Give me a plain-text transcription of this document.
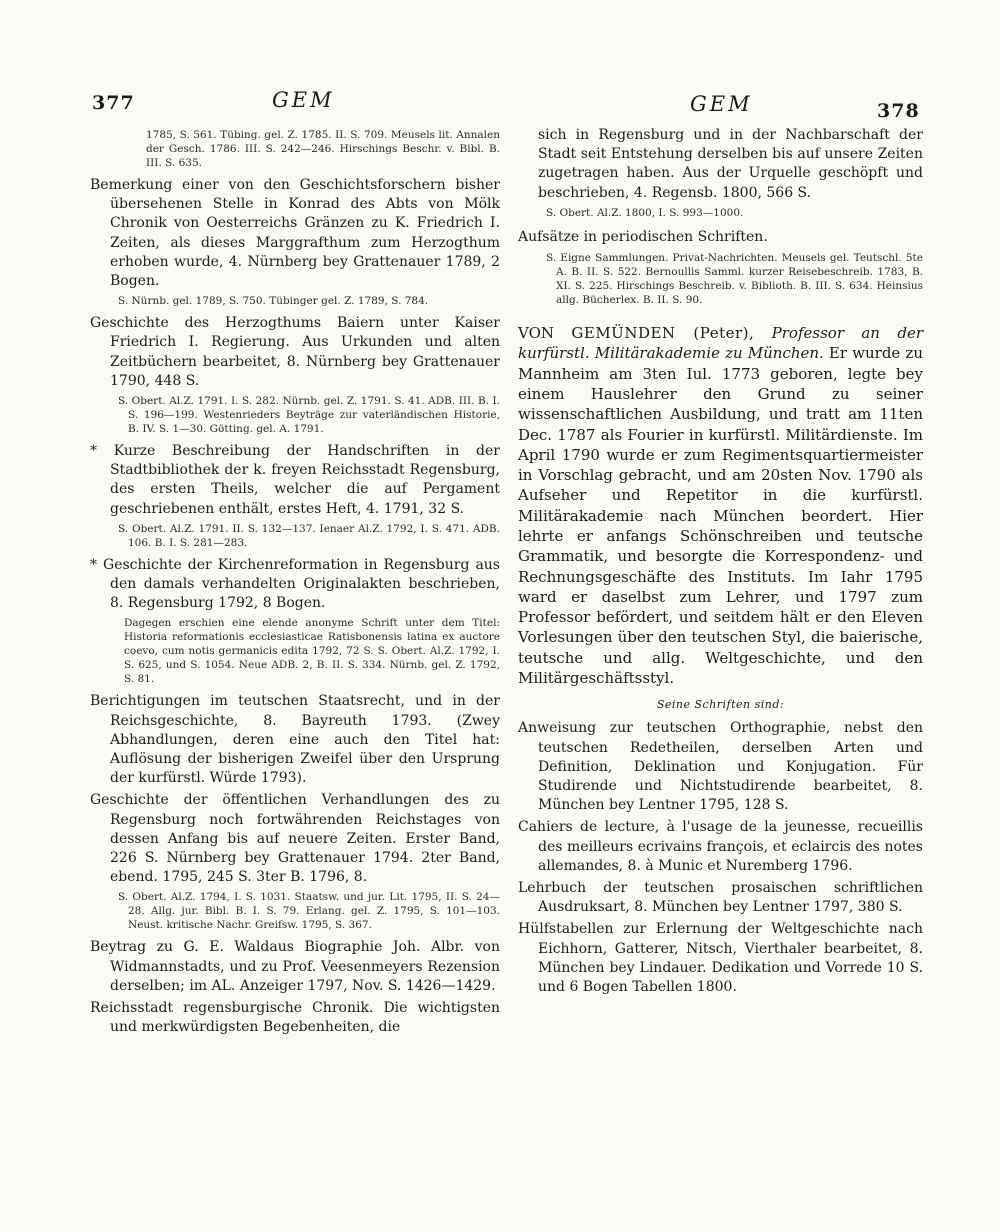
377	GEM	GEM	378
1785, S. 561. Tübing. gel. Z. 1785. II. S. 709. Meusels lit. Annalen der Gesch. 1786. III. S. 242—246. Hirschings Beschr. v. Bibl. B. III. S. 635.

Bemerkung einer von den Geschichtsforschern bisher übersehenen Stelle in Konrad des Abts von Mölk Chronik von Oesterreichs Gränzen zu K. Friedrich I. Zeiten, als dieses Marggrafthum zum Herzogthum erhoben wurde, 4. Nürnberg bey Grattenauer 1789, 2 Bogen.

S. Nürnb. gel. 1789, S. 750. Tübinger gel. Z. 1789, S. 784.

Geschichte des Herzogthums Baiern unter Kaiser Friedrich I. Regierung. Aus Urkunden und alten Zeitbüchern bearbeitet, 8. Nürnberg bey Grattenauer 1790, 448 S.

S. Obert. Al.Z. 1791. I. S. 282. Nürnb. gel. Z. 1791. S. 41. ADB. III. B. I. S. 196—199. Westenrieders Beyträge zur vaterländischen Historie, B. IV. S. 1—30. Götting. gel. A. 1791.

* Kurze Beschreibung der Handschriften in der Stadtbibliothek der k. freyen Reichsstadt Regensburg, des ersten Theils, welcher die auf Pergament geschriebenen enthält, erstes Heft, 4. 1791, 32 S.

S. Obert. Al.Z. 1791. II. S. 132—137. Ienaer Al.Z. 1792, I. S. 471. ADB. 106. B. I. S. 281—283.

* Geschichte der Kirchenreformation in Regensburg aus den damals verhandelten Originalakten beschrieben, 8. Regensburg 1792, 8 Bogen.

Dagegen erschien eine elende anonyme Schrift unter dem Titel: Historia reformationis ecclesiasticae Ratisbonensis latina ex auctore coevo, cum notis germanicis edita 1792, 72 S. S. Obert. Al.Z. 1792, I. S. 625, und S. 1054. Neue ADB. 2, B. II. S. 334. Nürnb. gel. Z. 1792, S. 81.

Berichtigungen im teutschen Staatsrecht, und in der Reichsgeschichte, 8. Bayreuth 1793. (Zwey Abhandlungen, deren eine auch den Titel hat: Auflösung der bisherigen Zweifel über den Ursprung der kurfürstl. Würde 1793).

Geschichte der öffentlichen Verhandlungen des zu Regensburg noch fortwährenden Reichstages von dessen Anfang bis auf neuere Zeiten. Erster Band, 226 S. Nürnberg bey Grattenauer 1794. 2ter Band, ebend. 1795, 245 S. 3ter B. 1796, 8.

S. Obert. Al.Z. 1794, I. S. 1031. Staatsw. und jur. Lit. 1795, II. S. 24—28. Allg. jur. Bibl. B. I. S. 79. Erlang. gel. Z. 1795, S. 101—103. Neust. kritische Nachr. Greifsw. 1795, S. 367.

Beytrag zu G. E. Waldaus Biographie Joh. Albr. von Widmannstadts, und zu Prof. Veesenmeyers Rezension derselben; im AL. Anzeiger 1797, Nov. S. 1426—1429.

Reichsstadt regensburgische Chronik. Die wichtigsten und merkwürdigsten Begebenheiten, die

sich in Regensburg und in der Nachbarschaft der Stadt seit Entstehung derselben bis auf unsere Zeiten zugetragen haben. Aus der Urquelle geschöpft und beschrieben, 4. Regensb. 1800, 566 S.

S. Obert. Al.Z. 1800, I. S. 993—1000.

Aufsätze in periodischen Schriften.

S. Eigne Sammlungen. Privat-Nachrichten. Meusels gel. Teutschl. 5te A. B. II. S. 522. Bernoullis Samml. kurzer Reisebeschreib. 1783, B. XI. S. 225. Hirschings Beschreib. v. Biblioth. B. III. S. 634. Heinsius allg. Bücherlex. B. II. S. 90.

VON GEMÜNDEN (Peter), Professor an der kurfürstl. Militärakademie zu München. Er wurde zu Mannheim am 3ten Iul. 1773 geboren, legte bey einem Hauslehrer den Grund zu seiner wissenschaftlichen Ausbildung, und tratt am 11ten Dec. 1787 als Fourier in kurfürstl. Militärdienste. Im April 1790 wurde er zum Regimentsquartiermeister in Vorschlag gebracht, und am 20sten Nov. 1790 als Aufseher und Repetitor in die kurfürstl. Militärakademie nach München beordert. Hier lehrte er anfangs Schönschreiben und teutsche Grammatik, und besorgte die Korrespondenz- und Rechnungsgeschäfte des Instituts. Im Iahr 1795 ward er daselbst zum Lehrer, und 1797 zum Professor befördert, und seitdem hält er den Eleven Vorlesungen über den teutschen Styl, die baierische, teutsche und allg. Weltgeschichte, und den Militärgeschäftsstyl.

Seine Schriften sind:

Anweisung zur teutschen Orthographie, nebst den teutschen Redetheilen, derselben Arten und Definition, Deklination und Konjugation. Für Studirende und Nichtstudirende bearbeitet, 8. München bey Lentner 1795, 128 S.

Cahiers de lecture, à l'usage de la jeunesse, recueillis des meilleurs ecrivains françois, et eclaircis des notes allemandes, 8. à Munic et Nuremberg 1796.

Lehrbuch der teutschen prosaischen schriftlichen Ausdruksart, 8. München bey Lentner 1797, 380 S.

Hülfstabellen zur Erlernung der Weltgeschichte nach Eichhorn, Gatterer, Nitsch, Vierthaler bearbeitet, 8. München bey Lindauer. Dedikation und Vorrede 10 S. und 6 Bogen Tabellen 1800.
